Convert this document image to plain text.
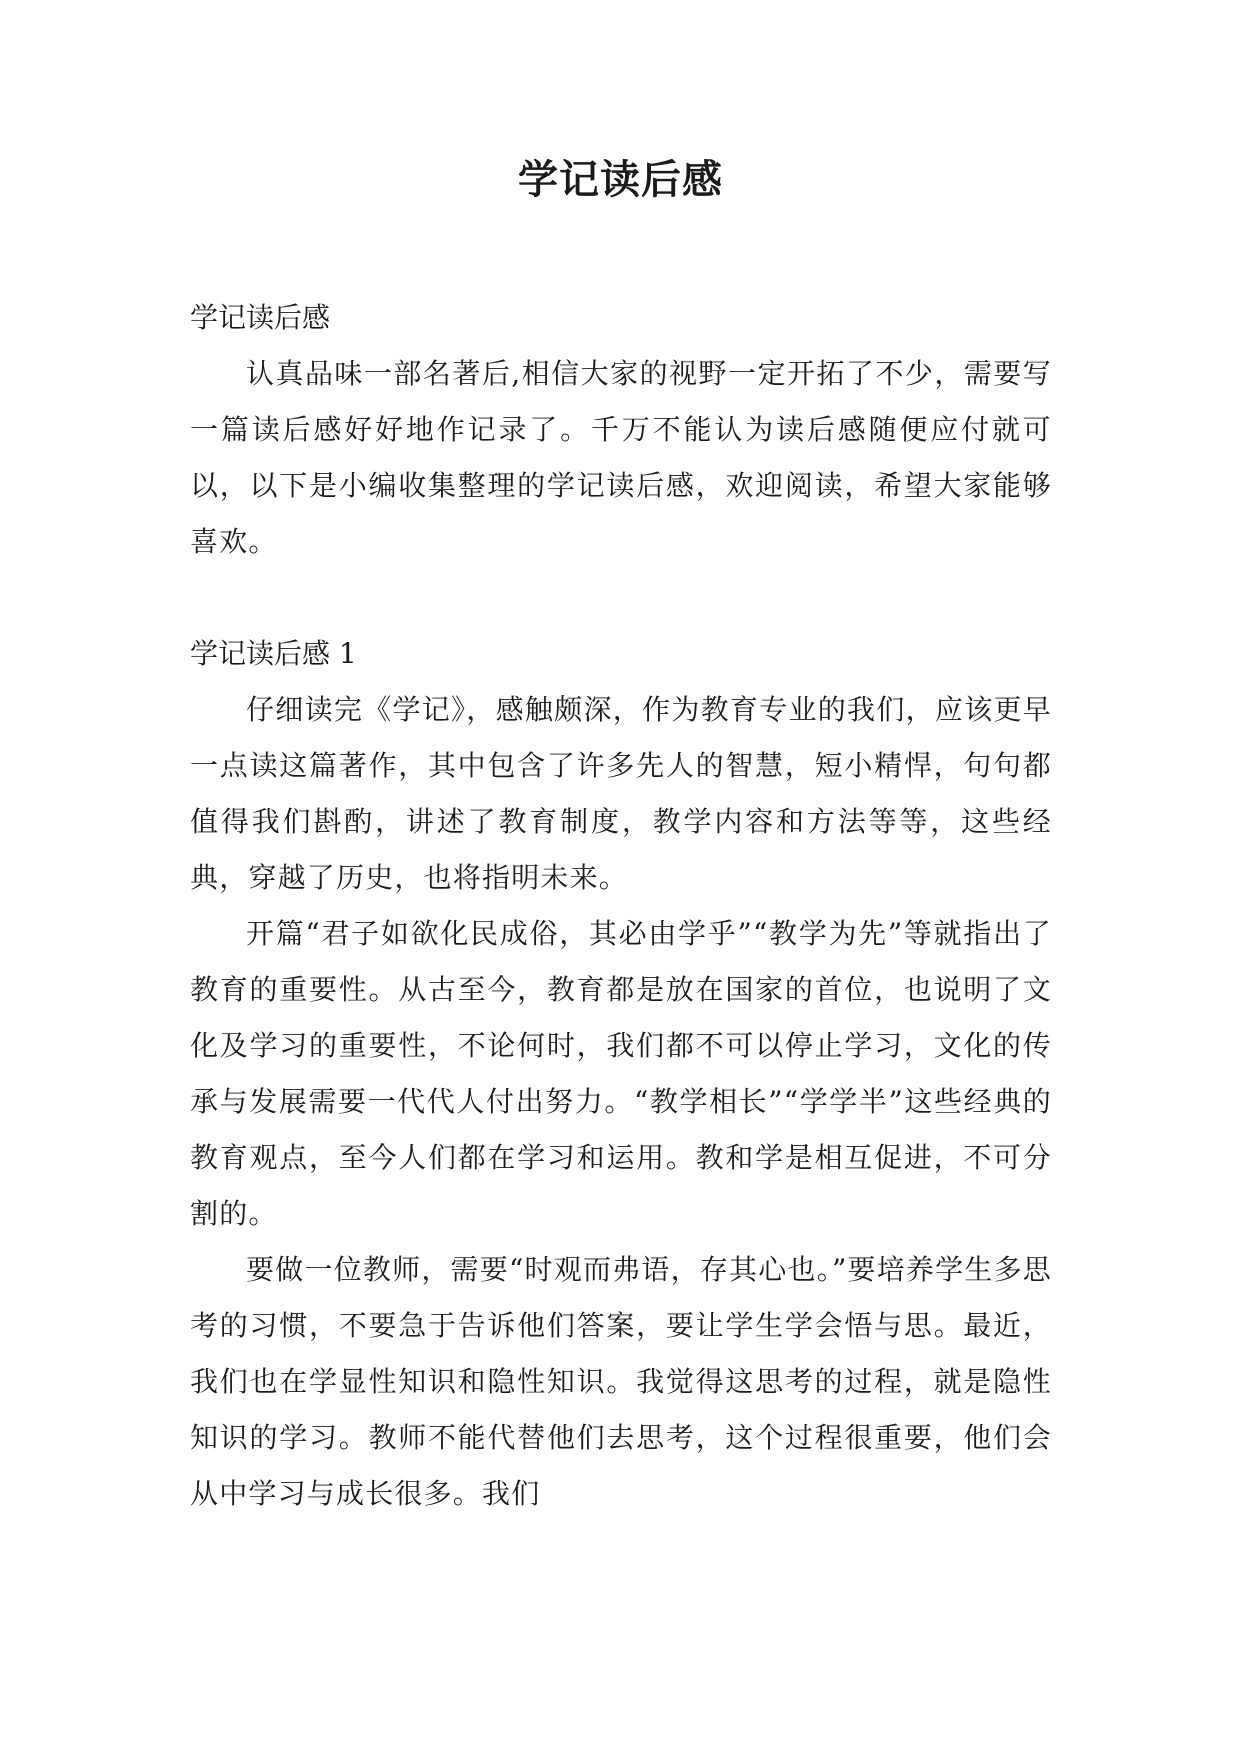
学记读后感

学记读后感

认真品味一部名著后,相信大家的视野一定开拓了不少，需要写一篇读后感好好地作记录了。千万不能认为读后感随便应付就可以，以下是小编收集整理的学记读后感，欢迎阅读，希望大家能够喜欢。

学记读后感 1

仔细读完《学记》，感触颇深，作为教育专业的我们，应该更早一点读这篇著作，其中包含了许多先人的智慧，短小精悍，句句都值得我们斟酌，讲述了教育制度，教学内容和方法等等，这些经典，穿越了历史，也将指明未来。

开篇“君子如欲化民成俗，其必由学乎”“教学为先”等就指出了教育的重要性。从古至今，教育都是放在国家的首位，也说明了文化及学习的重要性，不论何时，我们都不可以停止学习，文化的传承与发展需要一代代人付出努力。“教学相长”“学学半”这些经典的教育观点，至今人们都在学习和运用。教和学是相互促进，不可分割的。

要做一位教师，需要“时观而弗语，存其心也。”要培养学生多思考的习惯，不要急于告诉他们答案，要让学生学会悟与思。最近，我们也在学显性知识和隐性知识。我觉得这思考的过程，就是隐性知识的学习。教师不能代替他们去思考，这个过程很重要，他们会从中学习与成长很多。我们
